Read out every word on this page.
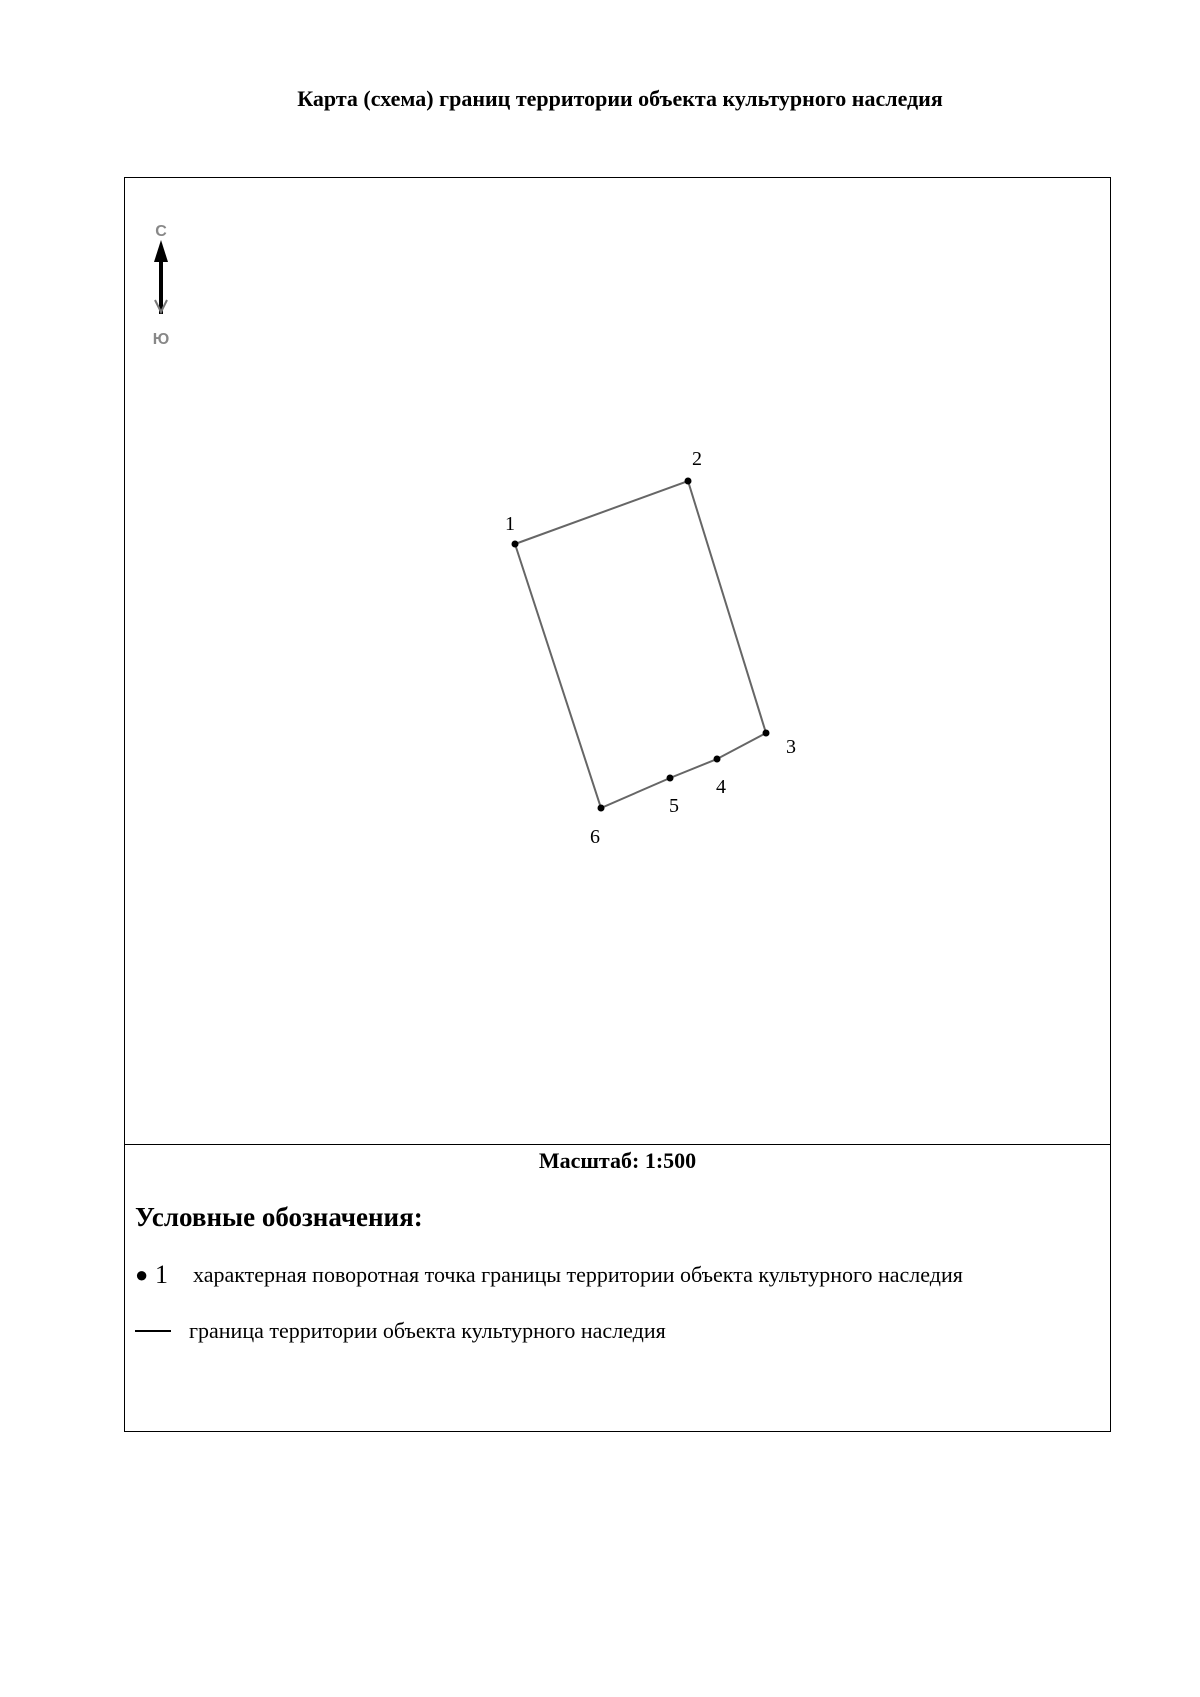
Карта (схема) границ территории объекта культурного наследия
С
Ю
1
2
3
4
5
6
Масштаб: 1:500
Условные обозначения:
● 1	характерная поворотная точка границы территории объекта культурного наследия
граница территории объекта культурного наследия
